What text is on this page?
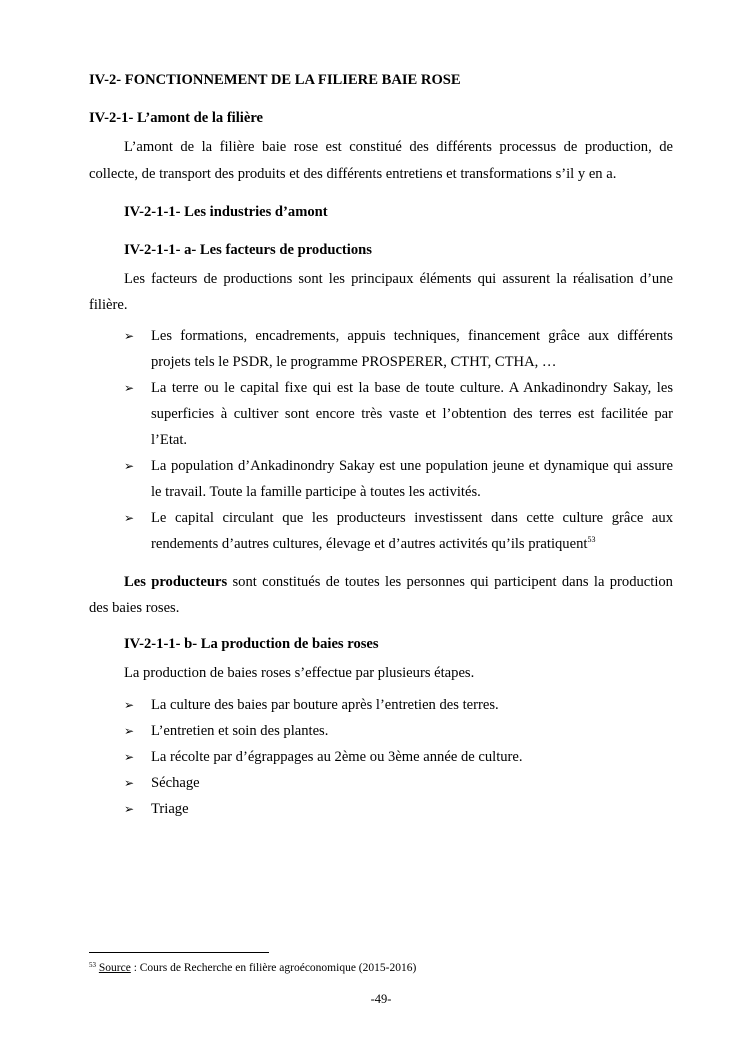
IV-2- FONCTIONNEMENT DE LA FILIERE BAIE ROSE
IV-2-1- L’amont de la filière
L’amont de la filière baie rose est constitué des différents processus de production, de
collecte, de transport des produits et des différents entretiens et transformations s’il y en a.
IV-2-1-1- Les industries d’amont
IV-2-1-1- a- Les facteurs de productions
Les facteurs de productions sont les principaux éléments qui assurent la réalisation d’une
filière.
➢	Les formations, encadrements, appuis techniques, financement grâce aux différents
projets tels le PSDR, le programme PROSPERER, CTHT, CTHA, …
➢	La terre ou le capital fixe qui est la base de toute culture. A Ankadinondry Sakay, les
superficies à cultiver sont encore très vaste et l’obtention des terres est facilitée par
l’Etat.
➢	La population d’Ankadinondry Sakay est une population jeune et dynamique qui assure
le travail. Toute la famille participe à toutes les activités.
➢	Le capital circulant que les producteurs investissent dans cette culture grâce aux
rendements d’autres cultures, élevage et d’autres activités qu’ils pratiquent$^{53}$
Les producteurs sont constitués de toutes les personnes qui participent dans la production
des baies roses.
IV-2-1-1- b- La production de baies roses
La production de baies roses s’effectue par plusieurs étapes.
➢	La culture des baies par bouture après l’entretien des terres.
➢	L’entretien et soin des plantes.
➢	La récolte par d’égrappages au 2ème ou 3ème année de culture.
➢	Séchage
➢	Triage
$^{53}$ Source : Cours de Recherche en filière agroéconomique (2015-2016)
-49-
